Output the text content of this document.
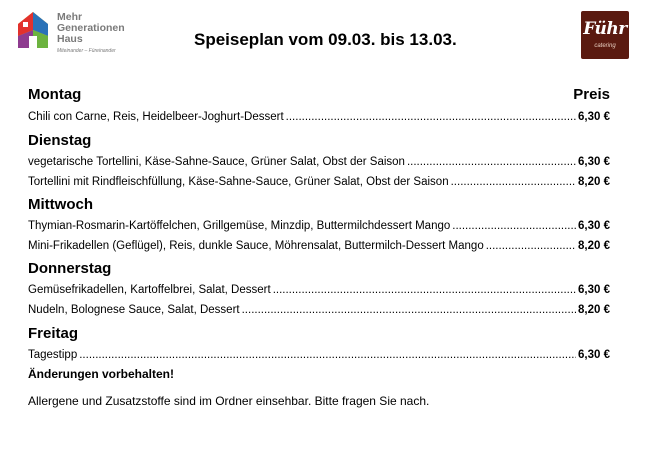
Mehr
Generationen
Haus
Miteinander – Füreinander
Speiseplan vom 09.03. bis 13.03.
Führ
catering
Montag	Preis
Chili con Carne, Reis, Heidelbeer-Joghurt-Dessert .....	6,30 €
Dienstag
vegetarische Tortellini, Käse-Sahne-Sauce, Grüner Salat, Obst der Saison .....	6,30 €
Tortellini mit Rindfleischfüllung, Käse-Sahne-Sauce, Grüner Salat, Obst der Saison .....	8,20 €
Mittwoch
Thymian-Rosmarin-Kartöffelchen, Grillgemüse, Minzdip, Buttermilchdessert Mango .....	6,30 €
Mini-Frikadellen (Geflügel), Reis, dunkle Sauce, Möhrensalat, Buttermilch-Dessert Mango .....	8,20 €
Donnerstag
Gemüsefrikadellen, Kartoffelbrei, Salat, Dessert .....	6,30 €
Nudeln, Bolognese Sauce, Salat, Dessert .....	8,20 €
Freitag
Tagestipp .....	6,30 €
Änderungen vorbehalten!
Allergene und Zusatzstoffe sind im Ordner einsehbar. Bitte fragen Sie nach.
